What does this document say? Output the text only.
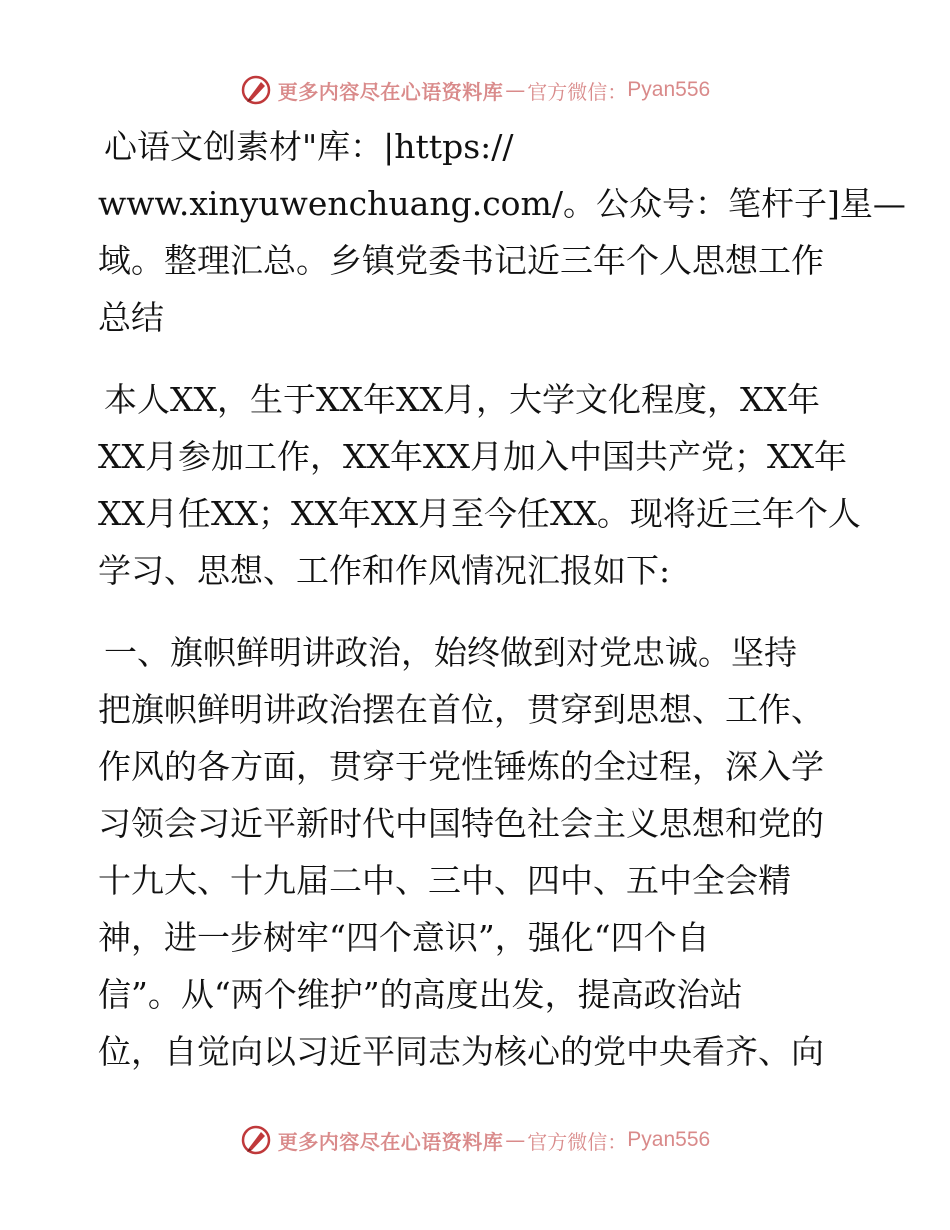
更多内容尽在心语资料库 — 官方微信： Pyan556

心语文创素材"库：|https://
www.xinyuwenchuang.com/。公众号：笔杆子]星—
域。整理汇总。乡镇党委书记近三年个人思想工作
总结

本人XX，生于XX年XX月，大学文化程度，XX年
XX月参加工作，XX年XX月加入中国共产党；XX年
XX月任XX；XX年XX月至今任XX。现将近三年个人
学习、思想、工作和作风情况汇报如下:

一、旗帜鲜明讲政治，始终做到对党忠诚。坚持
把旗帜鲜明讲政治摆在首位，贯穿到思想、工作、
作风的各方面，贯穿于党性锤炼的全过程，深入学
习领会习近平新时代中国特色社会主义思想和党的
十九大、十九届二中、三中、四中、五中全会精
神，进一步树牢“四个意识”，强化“四个自
信”。从“两个维护”的高度出发，提高政治站
位，自觉向以习近平同志为核心的党中央看齐、向

更多内容尽在心语资料库 — 官方微信： Pyan556
